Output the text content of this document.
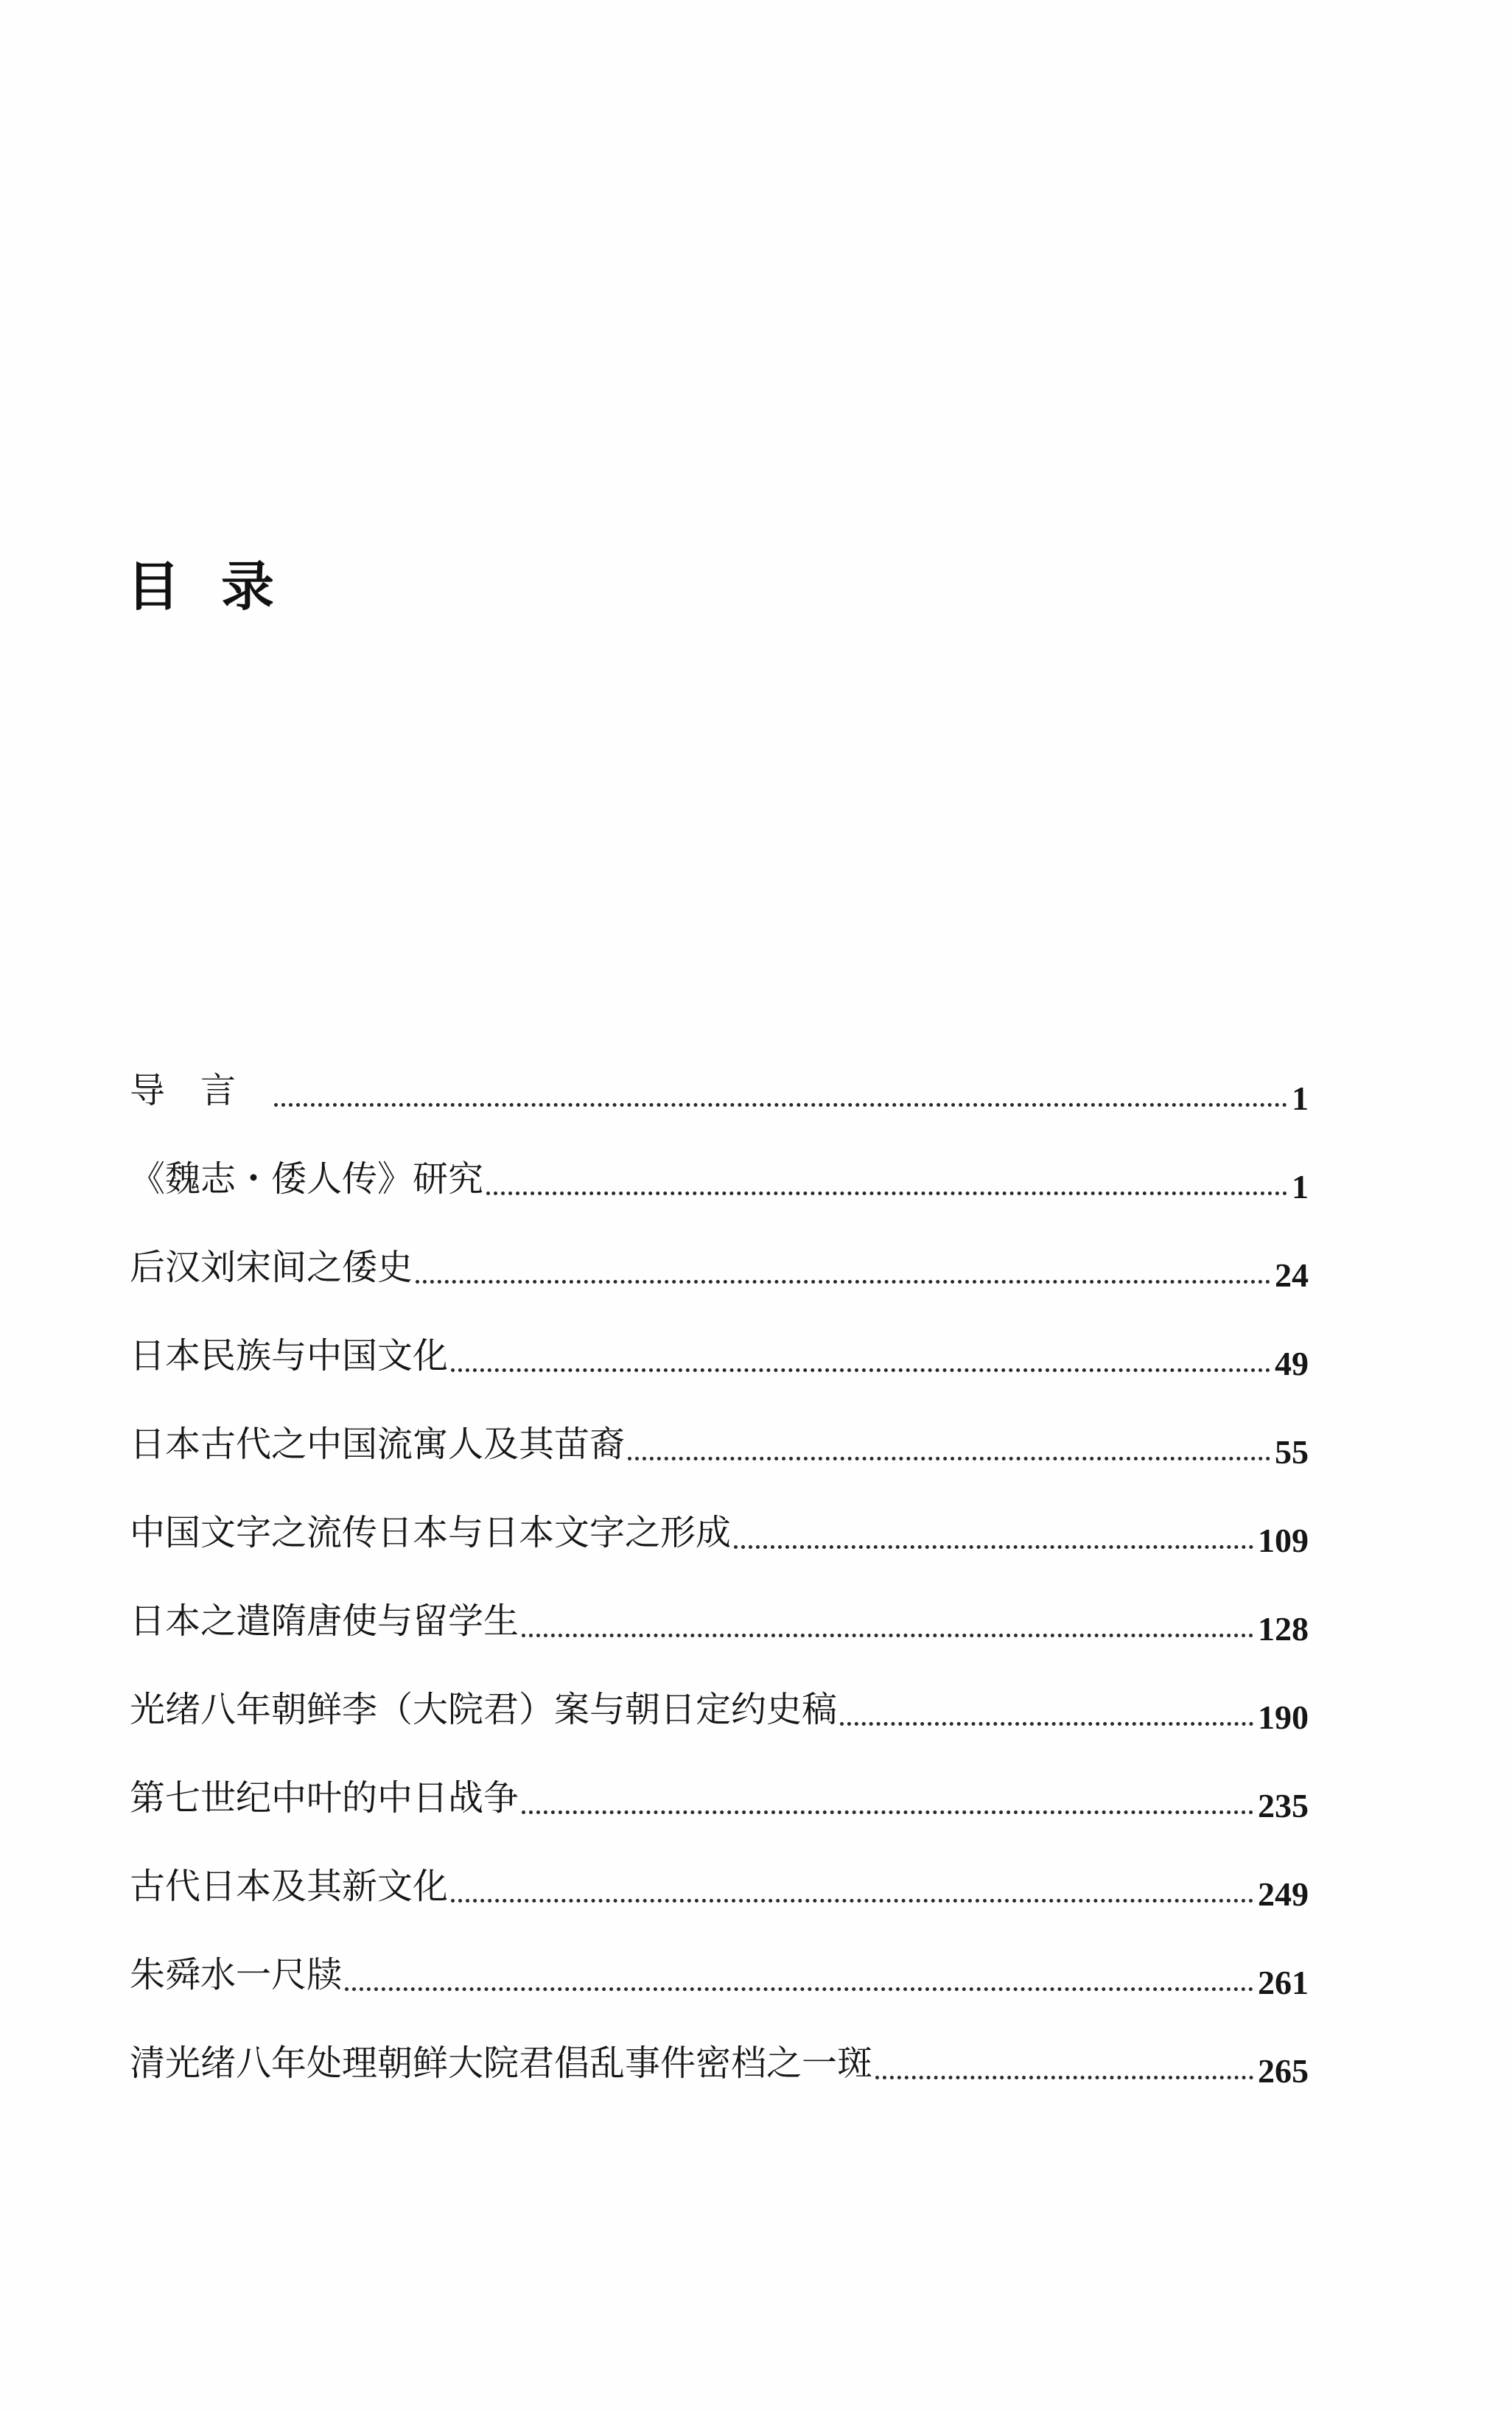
目录
导言	1
《魏志・倭人传》研究	1
后汉刘宋间之倭史	24
日本民族与中国文化	49
日本古代之中国流寓人及其苗裔	55
中国文字之流传日本与日本文字之形成	109
日本之遣隋唐使与留学生	128
光绪八年朝鲜李（大院君）案与朝日定约史稿	190
第七世纪中叶的中日战争	235
古代日本及其新文化	249
朱舜水一尺牍	261
清光绪八年处理朝鲜大院君倡乱事件密档之一斑	265
